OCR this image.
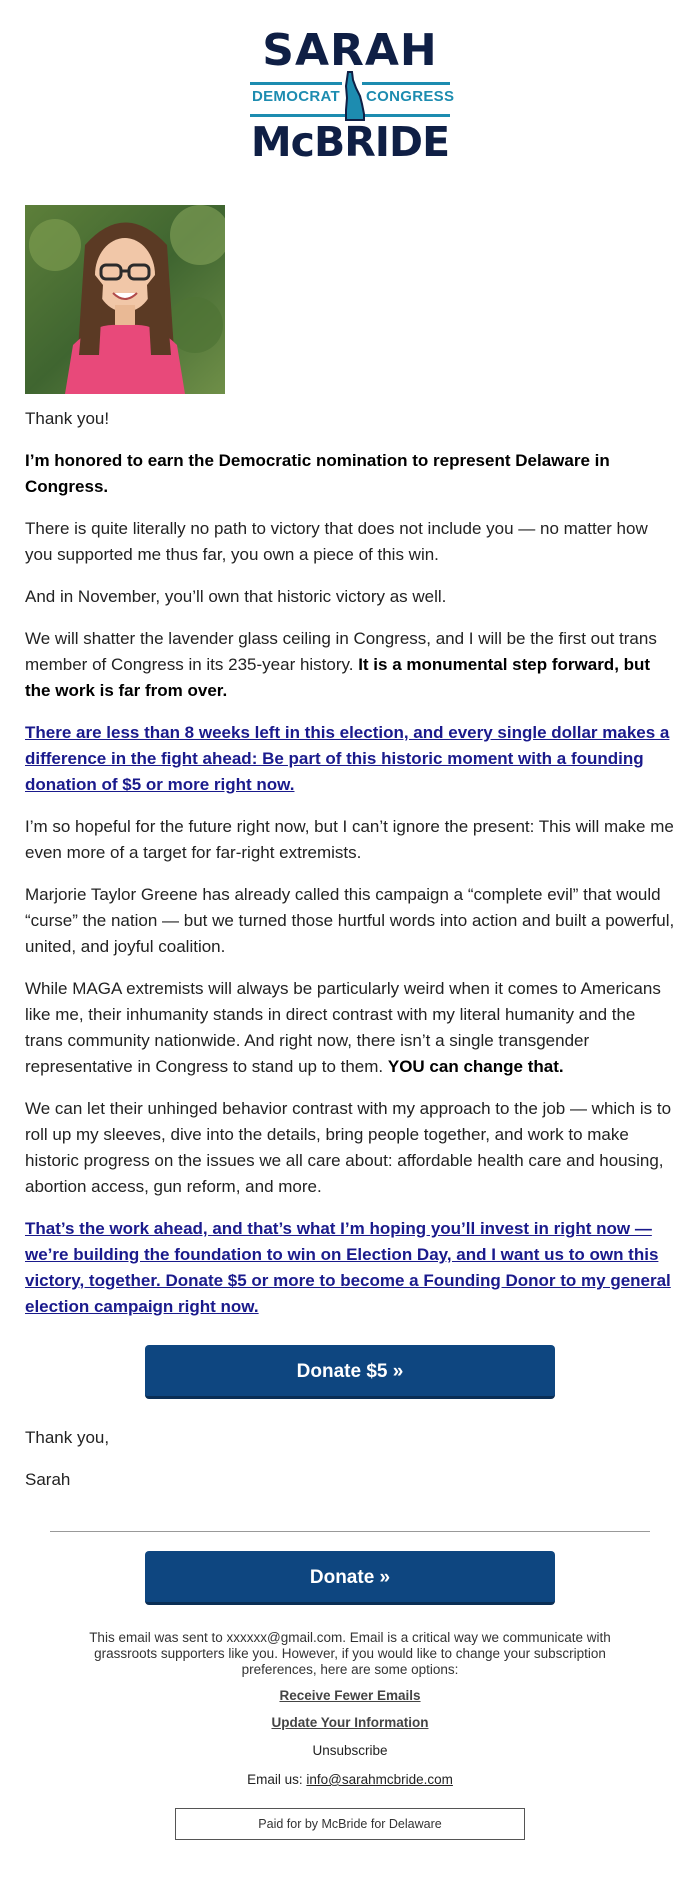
SARAH
DEMOCRAT CONGRESS
McBRIDE

Thank you!

I’m honored to earn the Democratic nomination to represent Delaware in Congress.

There is quite literally no path to victory that does not include you — no matter how you supported me thus far, you own a piece of this win.

And in November, you’ll own that historic victory as well.

We will shatter the lavender glass ceiling in Congress, and I will be the first out trans member of Congress in its 235-year history. It is a monumental step forward, but the work is far from over.

There are less than 8 weeks left in this election, and every single dollar makes a difference in the fight ahead: Be part of this historic moment with a founding donation of $5 or more right now.

I’m so hopeful for the future right now, but I can’t ignore the present: This will make me even more of a target for far-right extremists.

Marjorie Taylor Greene has already called this campaign a “complete evil” that would “curse” the nation — but we turned those hurtful words into action and built a powerful, united, and joyful coalition.

While MAGA extremists will always be particularly weird when it comes to Americans like me, their inhumanity stands in direct contrast with my literal humanity and the trans community nationwide. And right now, there isn’t a single transgender representative in Congress to stand up to them. YOU can change that.

We can let their unhinged behavior contrast with my approach to the job — which is to roll up my sleeves, dive into the details, bring people together, and work to make historic progress on the issues we all care about: affordable health care and housing, abortion access, gun reform, and more.

That’s the work ahead, and that’s what I’m hoping you’ll invest in right now — we’re building the foundation to win on Election Day, and I want us to own this victory, together. Donate $5 or more to become a Founding Donor to my general election campaign right now.

Donate $5 »
Thank you,
Sarah
Donate »
This email was sent to xxxxxx@gmail.com. Email is a critical way we communicate with grassroots supporters like you. However, if you would like to change your subscription preferences, here are some options:
Receive Fewer Emails
Update Your Information
Unsubscribe
Email us: info@sarahmcbride.com
Paid for by McBride for Delaware
